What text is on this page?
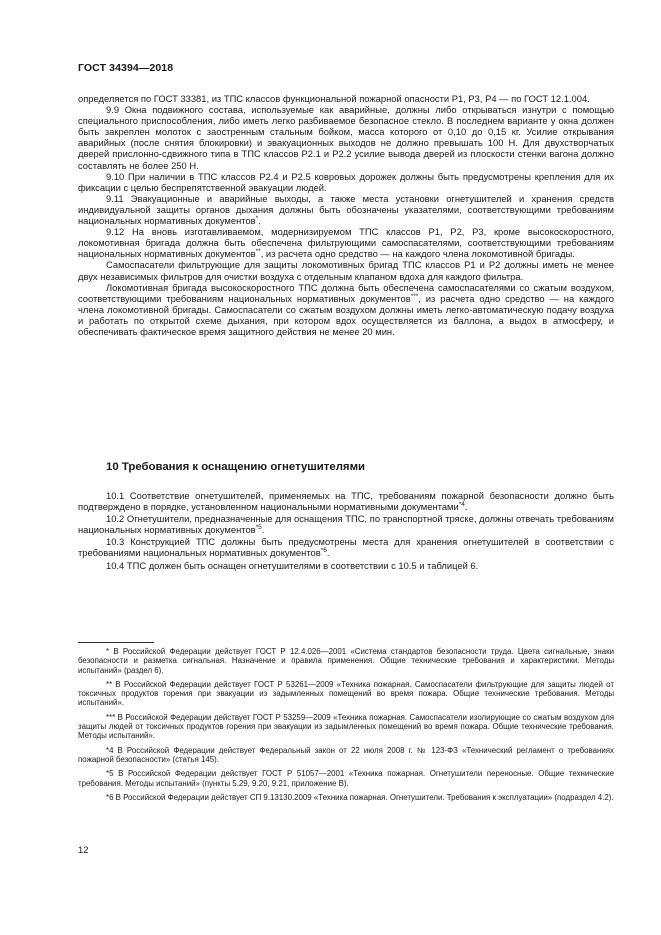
ГОСТ 34394—2018

определяется по ГОСТ 33381, из ТПС классов функциональной пожарной опасности Р1, Р3, Р4 — по ГОСТ 12.1.004.

9.9 Окна подвижного состава, используемые как аварийные, должны либо открываться изнутри с помощью специального приспособления, либо иметь легко разбиваемое безопасное стекло. В последнем варианте у окна должен быть закреплен молоток с заостренным стальным бойком, масса которого от 0,10 до 0,15 кг. Усилие открывания аварийных (после снятия блокировки) и эвакуационных выходов не должно превышать 100 Н. Для двухстворчатых дверей прислонно-сдвижного типа в ТПС классов Р2.1 и Р2.2 усилие вывода дверей из плоскости стенки вагона должно составлять не более 250 Н.

9.10 При наличии в ТПС классов Р2.4 и Р2.5 ковровых дорожек должны быть предусмотрены крепления для их фиксации с целью беспрепятственной эвакуации людей.

9.11 Эвакуационные и аварийные выходы, а также места установки огнетушителей и хранения средств индивидуальной защиты органов дыхания должны быть обозначены указателями, соответствующими требованиям национальных нормативных документов*.

9.12 На вновь изготавливаемом, модернизируемом ТПС классов Р1, Р2, Р3, кроме высокоскоростного, локомотивная бригада должна быть обеспечена фильтрующими самоспасателями, соответствующими требованиям национальных нормативных документов**, из расчета одно средство — на каждого члена локомотивной бригады.

Самоспасатели фильтрующие для защиты локомотивных бригад ТПС классов Р1 и Р2 должны иметь не менее двух независимых фильтров для очистки воздуха с отдельным клапаном вдоха для каждого фильтра.

Локомотивная бригада высокоскоростного ТПС должна быть обеспечена самоспасателями со сжатым воздухом, соответствующими требованиям национальных нормативных документов***, из расчета одно средство — на каждого члена локомотивной бригады. Самоспасатели со сжатым воздухом должны иметь легко-автоматическую подачу воздуха и работать по открытой схеме дыхания, при котором вдох осуществляется из баллона, а выдох в атмосферу, и обеспечивать фактическое время защитного действия не менее 20 мин.

10 Требования к оснащению огнетушителями

10.1 Соответствие огнетушителей, применяемых на ТПС, требованиям пожарной безопасности должно быть подтверждено в порядке, установленном национальными нормативными документами$^{*4}$.

10.2 Огнетушители, предназначенные для оснащения ТПС, по транспортной тряске, должны отвечать требованиям национальных нормативных документов$^{*5}$.

10.3 Конструкцией ТПС должны быть предусмотрены места для хранения огнетушителей в соответствии с требованиями национальных нормативных документов$^{*6}$.

10.4 ТПС должен быть оснащен огнетушителями в соответствии с 10.5 и таблицей 6.

* В Российской Федерации действует ГОСТ Р 12.4.026—2001 «Система стандартов безопасности труда. Цвета сигнальные, знаки безопасности и разметка сигнальная. Назначение и правила применения. Общие технические требования и характеристики. Методы испытаний» (раздел 6).

** В Российской Федерации действует ГОСТ Р 53261—2009 «Техника пожарная. Самоспасатели фильтрующие для защиты людей от токсичных продуктов горения при эвакуации из задымленных помещений во время пожара. Общие технические требования. Методы испытаний».

*** В Российской Федерации действует ГОСТ Р 53259—2009 «Техника пожарная. Самоспасатели изолирующие со сжатым воздухом для защиты людей от токсичных продуктов горения при эвакуации из задымленных помещений во время пожара. Общие технические требования. Методы испытаний».

*4 В Российской Федерации действует Федеральный закон от 22 июля 2008 г. № 123-ФЗ «Технический регламент о требованиях пожарной безопасности» (статья 145).

*5 В Российской Федерации действует ГОСТ Р 51057—2001 «Техника пожарная. Огнетушители переносные. Общие технические требования. Методы испытаний» (пункты 5.29, 9.20, 9.21, приложение В).

*6 В Российской Федерации действует СП 9.13130.2009 «Техника пожарная. Огнетушители. Требования к эксплуатации» (подраздел 4.2).

12
